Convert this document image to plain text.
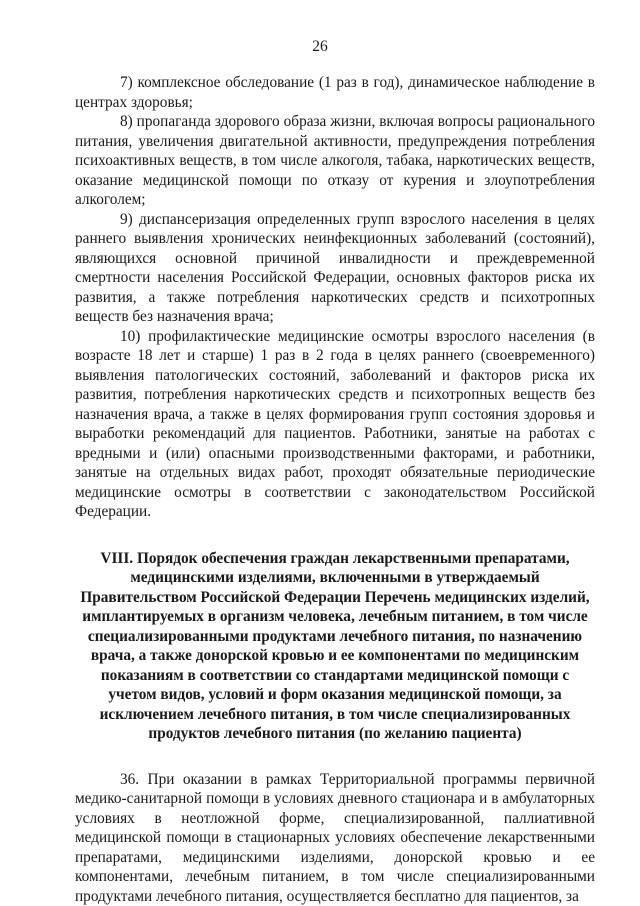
26

7) комплексное обследование (1 раз в год), динамическое наблюдение в центрах здоровья;

8) пропаганда здорового образа жизни, включая вопросы рационального питания, увеличения двигательной активности, предупреждения потребления психоактивных веществ, в том числе алкоголя, табака, наркотических веществ, оказание медицинской помощи по отказу от курения и злоупотребления алкоголем;

9) диспансеризация определенных групп взрослого населения в целях раннего выявления хронических неинфекционных заболеваний (состояний), являющихся основной причиной инвалидности и преждевременной смертности населения Российской Федерации, основных факторов риска их развития, а также потребления наркотических средств и психотропных веществ без назначения врача;

10) профилактические медицинские осмотры взрослого населения (в возрасте 18 лет и старше) 1 раз в 2 года в целях раннего (своевременного) выявления патологических состояний, заболеваний и факторов риска их развития, потребления наркотических средств и психотропных веществ без назначения врача, а также в целях формирования групп состояния здоровья и выработки рекомендаций для пациентов. Работники, занятые на работах с вредными и (или) опасными производственными факторами, и работники, занятые на отдельных видах работ, проходят обязательные периодические медицинские осмотры в соответствии с законодательством Российской Федерации.

VIII. Порядок обеспечения граждан лекарственными препаратами, медицинскими изделиями, включенными в утверждаемый Правительством Российской Федерации Перечень медицинских изделий, имплантируемых в организм человека, лечебным питанием, в том числе специализированными продуктами лечебного питания, по назначению врача, а также донорской кровью и ее компонентами по медицинским показаниям в соответствии со стандартами медицинской помощи с учетом видов, условий и форм оказания медицинской помощи, за исключением лечебного питания, в том числе специализированных продуктов лечебного питания (по желанию пациента)

36. При оказании в рамках Территориальной программы первичной медико-санитарной помощи в условиях дневного стационара и в амбулаторных условиях в неотложной форме, специализированной, паллиативной медицинской помощи в стационарных условиях обеспечение лекарственными препаратами, медицинскими изделиями, донорской кровью и ее компонентами, лечебным питанием, в том числе специализированными продуктами лечебного питания, осуществляется бесплатно для пациентов, за
